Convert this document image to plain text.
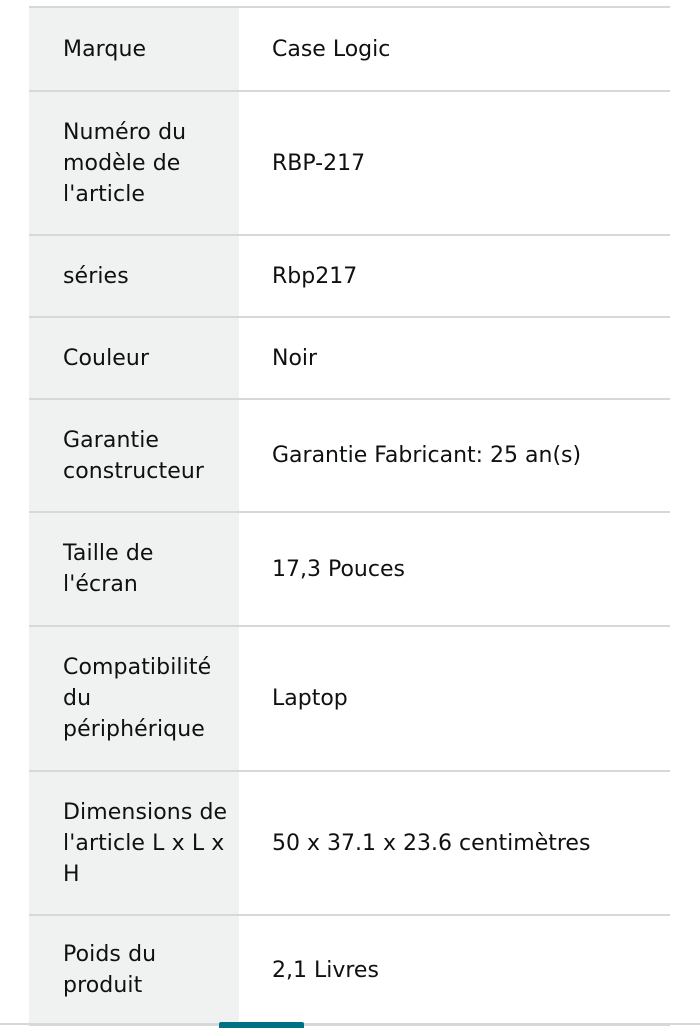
Marque	Case Logic
Numéro du modèle de l'article	RBP-217
séries	Rbp217
Couleur	Noir
Garantie constructeur	Garantie Fabricant: 25 an(s)
Taille de l'écran	17,3 Pouces
Compatibilité du périphérique	Laptop
Dimensions de l'article L x L x H	50 x 37.1 x 23.6 centimètres
Poids du produit	2,1 Livres
